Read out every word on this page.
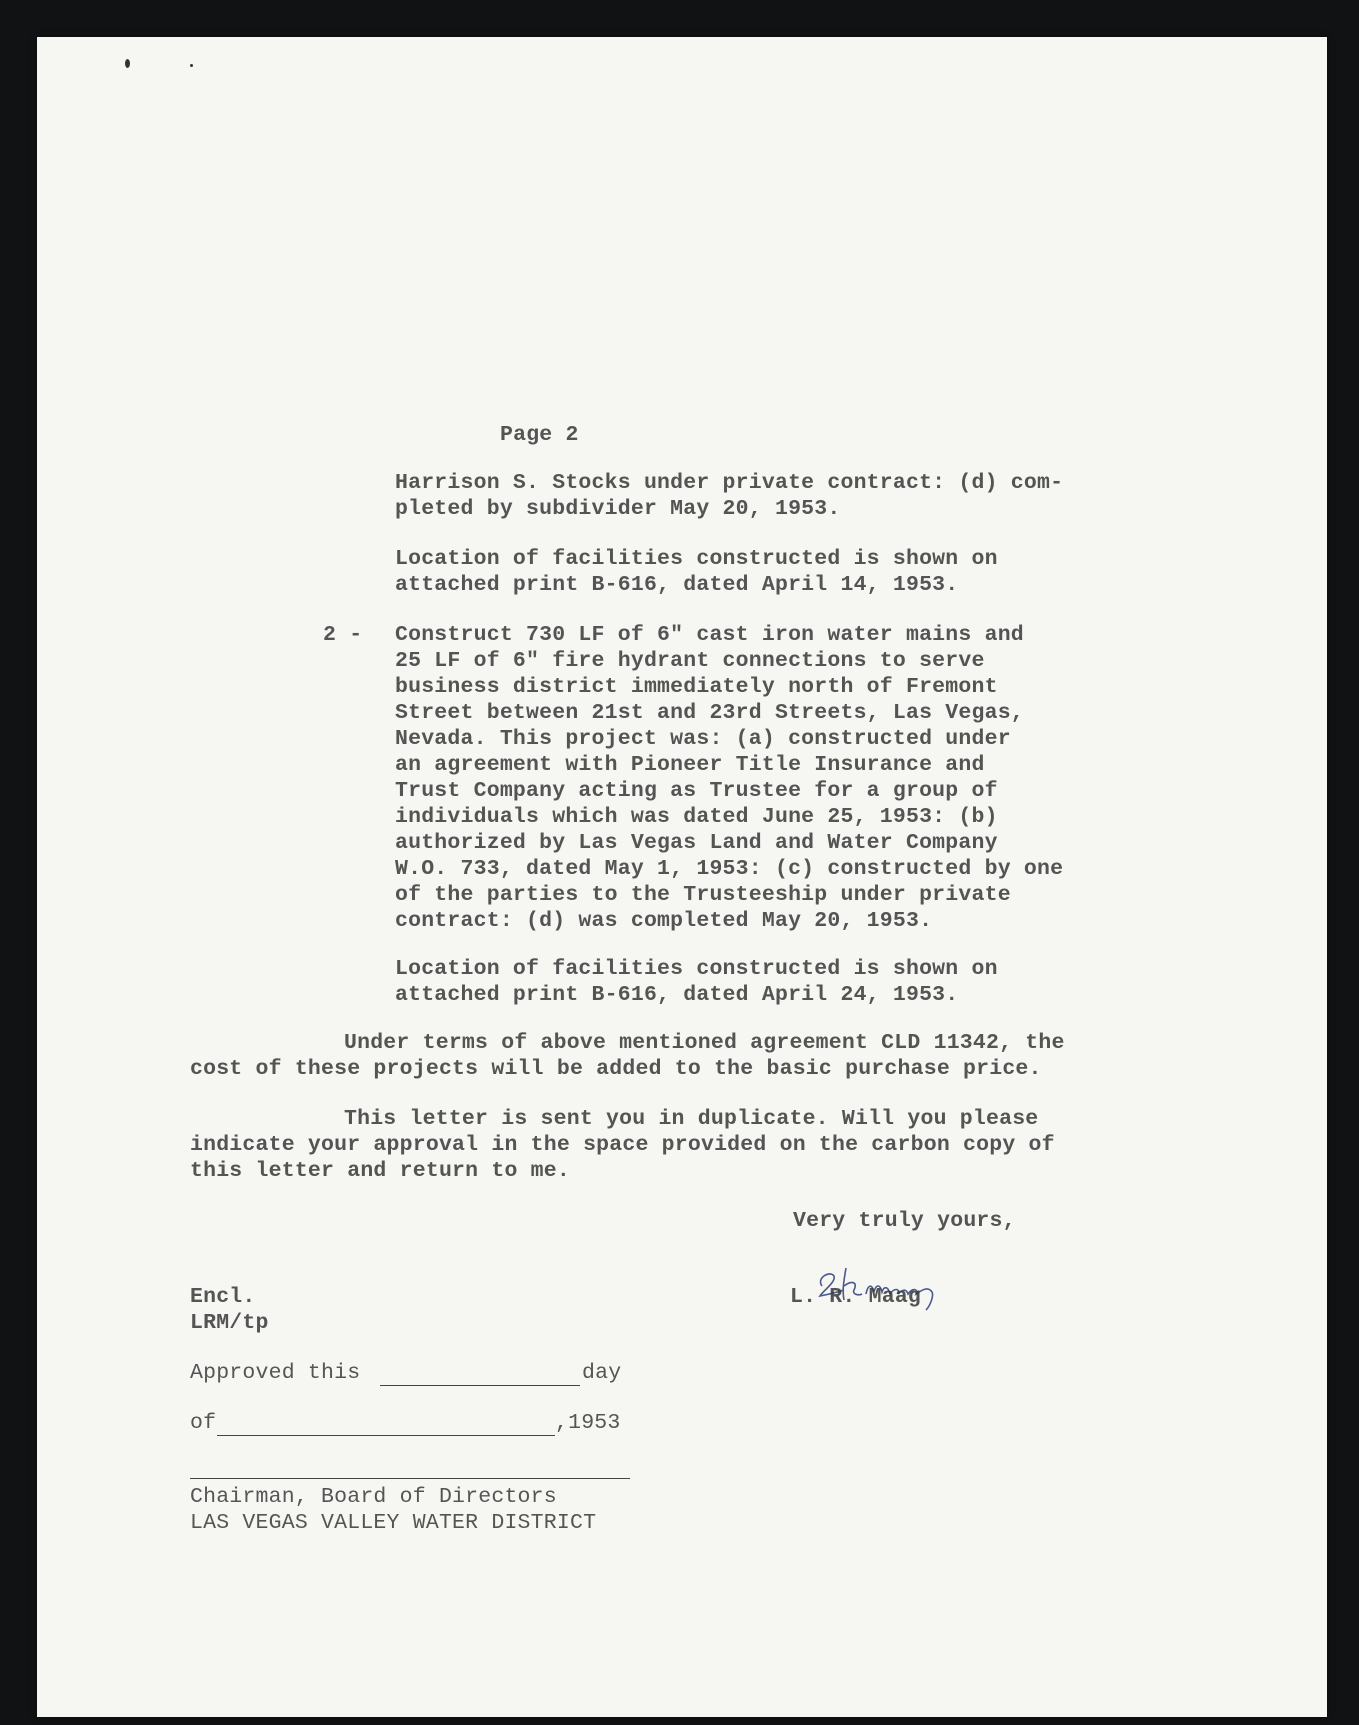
Page 2
Harrison S. Stocks under private contract: (d) com-
pleted by subdivider May 20, 1953.
Location of facilities constructed is shown on
attached print B-616, dated April 14, 1953.
2 - Construct 730 LF of 6" cast iron water mains and
25 LF of 6" fire hydrant connections to serve
business district immediately north of Fremont
Street between 21st and 23rd Streets, Las Vegas,
Nevada. This project was: (a) constructed under
an agreement with Pioneer Title Insurance and
Trust Company acting as Trustee for a group of
individuals which was dated June 25, 1953: (b)
authorized by Las Vegas Land and Water Company
W.O. 733, dated May 1, 1953: (c) constructed by one
of the parties to the Trusteeship under private
contract: (d) was completed May 20, 1953.
Location of facilities constructed is shown on
attached print B-616, dated April 24, 1953.
Under terms of above mentioned agreement CLD 11342, the
cost of these projects will be added to the basic purchase price.
This letter is sent you in duplicate. Will you please
indicate your approval in the space provided on the carbon copy of
this letter and return to me.
Very truly yours,
L. R. Maag
Encl.
LRM/tp
Approved this	day
of	,1953
Chairman, Board of Directors
LAS VEGAS VALLEY WATER DISTRICT
